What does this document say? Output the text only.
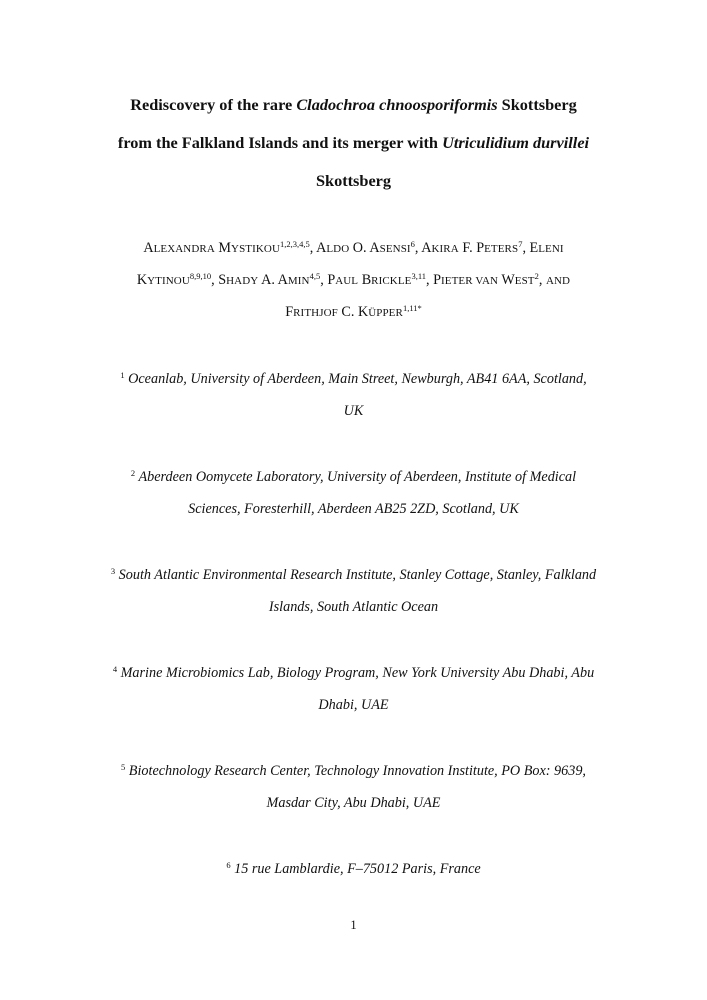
Rediscovery of the rare Cladochroa chnoosporiformis Skottsberg
from the Falkland Islands and its merger with Utriculidium durvillei
Skottsberg
ALEXANDRA MYSTIKOU$^{1,2,3,4,5}$, ALDO O. ASENSI$^6$, AKIRA F. PETERS$^7$, ELENI
KYTINOU$^{8,9,10}$, SHADY A. AMIN$^{4,5}$, PAUL BRICKLE$^{3,11}$, PIETER VAN WEST$^2$, AND
FRITHJOF C. $KÜPPER^{1,11*}$
$^1$ Oceanlab, University of Aberdeen, Main Street, Newburgh, AB41 6AA, Scotland,
UK
$^2$ Aberdeen Oomycete Laboratory, University of Aberdeen, Institute of Medical
Sciences, Foresterhill, Aberdeen AB25 2ZD, Scotland, UK
$^3$ South Atlantic Environmental Research Institute, Stanley Cottage, Stanley, Falkland
Islands, South Atlantic Ocean
$^4$ Marine Microbiomics Lab, Biology Program, New York University Abu Dhabi, Abu
Dhabi, UAE
$^5$ Biotechnology Research Center, Technology Innovation Institute, PO Box: 9639,
Masdar City, Abu Dhabi, UAE
$^6$ 15 rue Lamblardie, F–75012 Paris, France
1
